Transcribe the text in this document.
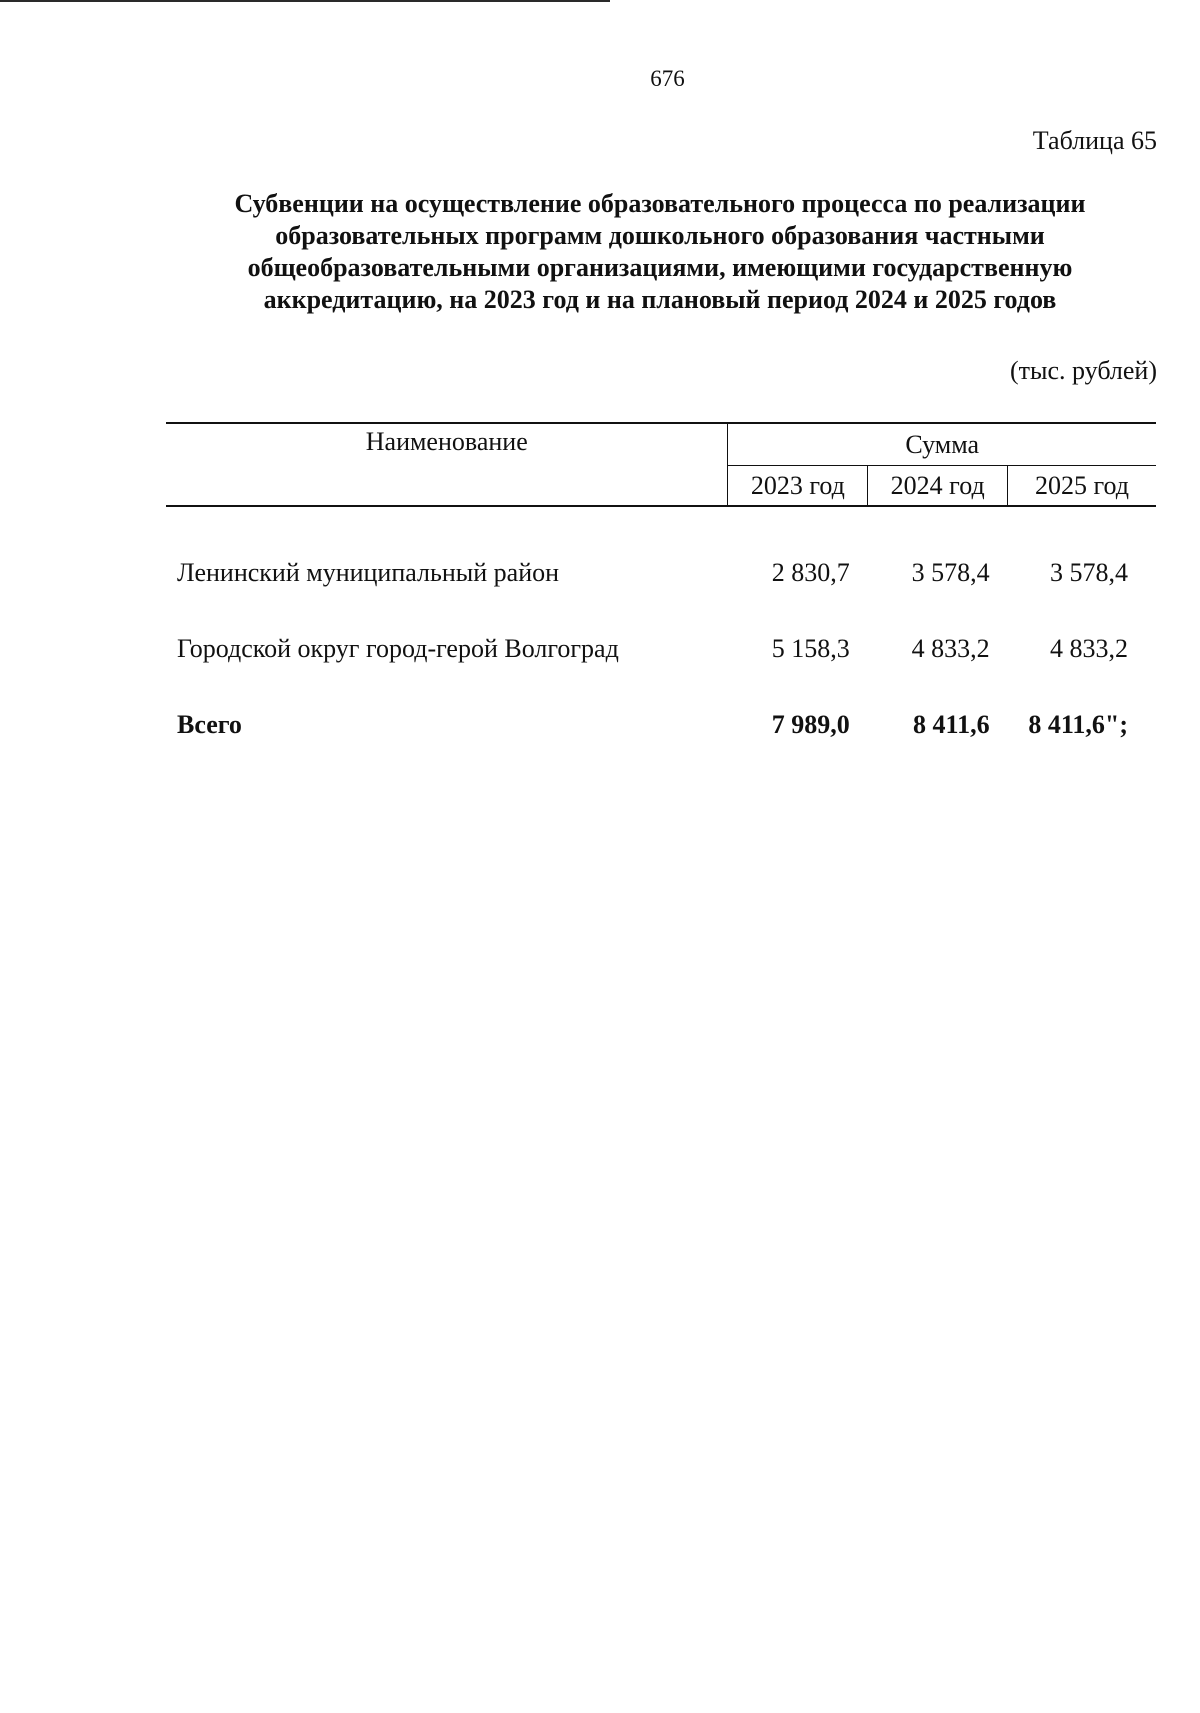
676
Таблица 65
Субвенции на осуществление образовательного процесса по реализации
образовательных программ дошкольного образования частными
общеобразовательными организациями, имеющими государственную
аккредитацию, на 2023 год и на плановый период 2024 и 2025 годов
(тыс. рублей)
Наименование	Сумма		
	2023 год	2024 год	2025 год

Ленинский муниципальный район	2 830,7	3 578,4	3 578,4
Городской округ город-герой Волгоград	5 158,3	4 833,2	4 833,2
Всего	7 989,0	8 411,6	8 411,6";
